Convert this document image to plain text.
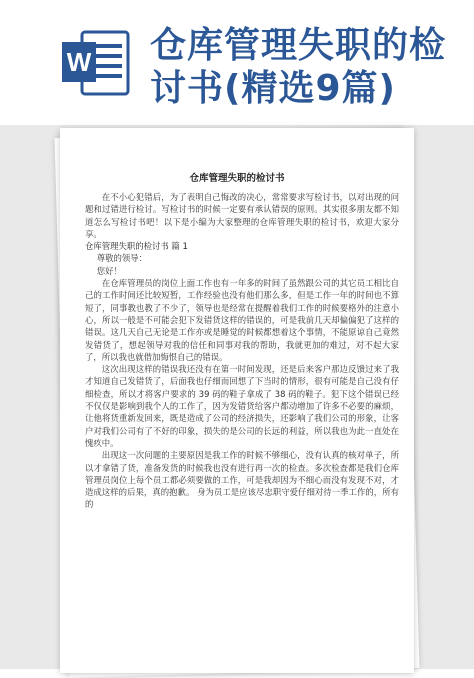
W 仓库管理失职的检
讨书(精选9篇)
仓库管理失职的检讨书

在不小心犯错后，为了表明自己悔改的决心，常常要求写检讨书，以对出现的问题和过错进行检讨。写检讨书的时候一定要有承认错误的原则。其实很多朋友都不知道怎么写检讨书吧！以下是小编为大家整理的仓库管理失职的检讨书，欢迎大家分享。

仓库管理失职的检讨书 篇 1

尊敬的领导：

您好！

在仓库管理员的岗位上面工作也有一年多的时间了虽然跟公司的其它员工相比自己的工作时间还比较短暂，工作经验也没有他们那么多，但是工作一年的时间也不算短了，同事教也教了不少了，领导也是经常在提醒着我们工作的时候要格外的注意小心，所以一般是不可能会犯下发错货这样的错误的，可是我前几天却偏偏犯了这样的错误。这几天自己无论是工作亦或是睡觉的时候都想着这个事情，不能原谅自己竟然发错货了，想起领导对我的信任和同事对我的帮助，我就更加的难过，对不起大家了，所以我也就借加悔恨自己的错误。

这次出现这样的错误我还没有在第一时间发现，还是后来客户那边反馈过来了我才知道自己发错货了，后面我也仔细而回想了下当时的情形，很有可能是自己没有仔细检查，所以才将客户要求的 39 码的鞋子拿成了 38 码的鞋子。犯下这个错误已经不仅仅是影响到我个人的工作了，因为发错货给客户都动增加了许多不必要的麻烦，让他将货重新发回来，既是造成了公司的经济损失，还影响了我们公司的形象，让客户对我们公司有了不好的印象，损失的是公司的长远的利益，所以我也为此一直处在愧疚中。

出现这一次问题的主要原因是我工作的时候不够细心，没有认真的核对单子，所以才拿错了货，准备发货的时候我也没有进行再一次的检查。多次检查都是我们仓库管理员岗位上每个员工都必须要做的工作，可是我却因为不细心而没有发现不对，才造成这样的后果，真的抱歉。 身为员工是应该尽忠职守爱仔细对待一季工作的，所有的
